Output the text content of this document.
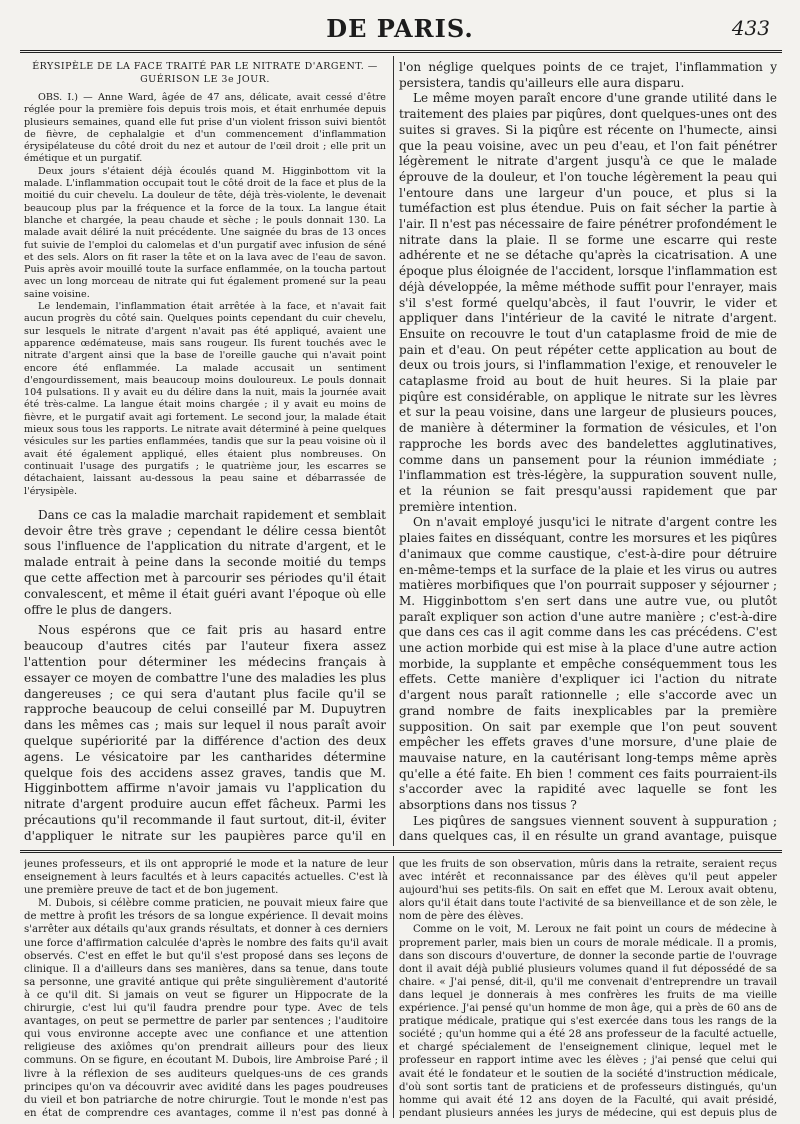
DE PARIS.	433
ÉRYSIPÈLE DE LA FACE TRAITÉ PAR LE NITRATE D'ARGENT. —
GUÉRISON LE 3e JOUR.

OBS. I.) — Anne Ward, âgée de 47 ans, délicate, avait cessé d'être réglée pour la première fois depuis trois mois, et était enrhumée depuis plusieurs semaines, quand elle fut prise d'un violent frisson suivi bientôt de fièvre, de cephalalgie et d'un commencement d'inflammation érysipélateuse du côté droit du nez et autour de l'œil droit ; elle prit un émétique et un purgatif.

Deux jours s'étaient déjà écoulés quand M. Higginbottom vit la malade. L'inflammation occupait tout le côté droit de la face et plus de la moitié du cuir chevelu. La douleur de tête, déjà très-violente, le devenait beaucoup plus par la fréquence et la force de la toux. La langue était blanche et chargée, la peau chaude et sèche ; le pouls donnait 130. La malade avait déliré la nuit précédente. Une saignée du bras de 13 onces fut suivie de l'emploi du calomelas et d'un purgatif avec infusion de séné et des sels. Alors on fit raser la tête et on la lava avec de l'eau de savon. Puis après avoir mouillé toute la surface enflammée, on la toucha partout avec un long morceau de nitrate qui fut également promené sur la peau saine voisine.

Le lendemain, l'inflammation était arrêtée à la face, et n'avait fait aucun progrès du côté sain. Quelques points cependant du cuir chevelu, sur lesquels le nitrate d'argent n'avait pas été appliqué, avaient une apparence œdémateuse, mais sans rougeur. Ils furent touchés avec le nitrate d'argent ainsi que la base de l'oreille gauche qui n'avait point encore été enflammée. La malade accusait un sentiment d'engourdissement, mais beaucoup moins douloureux. Le pouls donnait 104 pulsations. Il y avait eu du délire dans la nuit, mais la journée avait été très-calme. La langue était moins chargée ; il y avait eu moins de fièvre, et le purgatif avait agi fortement. Le second jour, la malade était mieux sous tous les rapports. Le nitrate avait déterminé à peine quelques vésicules sur les parties enflammées, tandis que sur la peau voisine où il avait été également appliqué, elles étaient plus nombreuses. On continuait l'usage des purgatifs ; le quatrième jour, les escarres se détachaient, laissant au-dessous la peau saine et débarrassée de l'érysipèle.

Dans ce cas la maladie marchait rapidement et semblait devoir être très grave ; cependant le délire cessa bientôt sous l'influence de l'application du nitrate d'argent, et le malade entrait à peine dans la seconde moitié du temps que cette affection met à parcourir ses périodes qu'il était convalescent, et même il était guéri avant l'époque où elle offre le plus de dangers.

Nous espérons que ce fait pris au hasard entre beaucoup d'autres cités par l'auteur fixera assez l'attention pour déterminer les médecins français à essayer ce moyen de combattre l'une des maladies les plus dangereuses ; ce qui sera d'autant plus facile qu'il se rapproche beaucoup de celui conseillé par M. Dupuytren dans les mêmes cas ; mais sur lequel il nous paraît avoir quelque supériorité par la différence d'action des deux agens. Le vésicatoire par les cantharides détermine quelque fois des accidens assez graves, tandis que M. Higginbottem affirme n'avoir jamais vu l'application du nitrate d'argent produire aucun effet fâcheux. Parmi les précautions qu'il recommande il faut surtout, dit-il, éviter d'appliquer le nitrate sur les paupières parce qu'il en

l'on néglige quelques points de ce trajet, l'inflammation y persistera, tandis qu'ailleurs elle aura disparu.

Le même moyen paraît encore d'une grande utilité dans le traitement des plaies par piqûres, dont quelques-unes ont des suites si graves. Si la piqûre est récente on l'humecte, ainsi que la peau voisine, avec un peu d'eau, et l'on fait pénétrer légèrement le nitrate d'argent jusqu'à ce que le malade éprouve de la douleur, et l'on touche légèrement la peau qui l'entoure dans une largeur d'un pouce, et plus si la tuméfaction est plus étendue. Puis on fait sécher la partie à l'air. Il n'est pas nécessaire de faire pénétrer profondément le nitrate dans la plaie. Il se forme une escarre qui reste adhérente et ne se détache qu'après la cicatrisation. A une époque plus éloignée de l'accident, lorsque l'inflammation est déjà développée, la même méthode suffit pour l'enrayer, mais s'il s'est formé quelqu'abcès, il faut l'ouvrir, le vider et appliquer dans l'intérieur de la cavité le nitrate d'argent. Ensuite on recouvre le tout d'un cataplasme froid de mie de pain et d'eau. On peut répéter cette application au bout de deux ou trois jours, si l'inflammation l'exige, et renouveler le cataplasme froid au bout de huit heures. Si la plaie par piqûre est considérable, on applique le nitrate sur les lèvres et sur la peau voisine, dans une largeur de plusieurs pouces, de manière à déterminer la formation de vésicules, et l'on rapproche les bords avec des bandelettes agglutinatives, comme dans un pansement pour la réunion immédiate ; l'inflammation est très-légère, la suppuration souvent nulle, et la réunion se fait presqu'aussi rapidement que par première intention.

On n'avait employé jusqu'ici le nitrate d'argent contre les plaies faites en disséquant, contre les morsures et les piqûres d'animaux que comme caustique, c'est-à-dire pour détruire en-même-temps et la surface de la plaie et les virus ou autres matières morbifiques que l'on pourrait supposer y séjourner ; M. Higginbottom s'en sert dans une autre vue, ou plutôt paraît expliquer son action d'une autre manière ; c'est-à-dire que dans ces cas il agit comme dans les cas précédens. C'est une action morbide qui est mise à la place d'une autre action morbide, la supplante et empêche conséquemment tous les effets. Cette manière d'expliquer ici l'action du nitrate d'argent nous paraît rationnelle ; elle s'accorde avec un grand nombre de faits inexplicables par la première supposition. On sait par exemple que l'on peut souvent empêcher les effets graves d'une morsure, d'une plaie de mauvaise nature, en la cautérisant long-temps même après qu'elle a été faite. Eh bien ! comment ces faits pourraient-ils s'accorder avec la rapidité avec laquelle se font les absorptions dans nos tissus ?

Les piqûres de sangsues viennent souvent à suppuration ; dans quelques cas, il en résulte un grand avantage, puisque

jeunes professeurs, et ils ont approprié le mode et la nature de leur enseignement à leurs facultés et à leurs capacités actuelles. C'est là une première preuve de tact et de bon jugement.

M. Dubois, si célèbre comme praticien, ne pouvait mieux faire que de mettre à profit les trésors de sa longue expérience. Il devait moins s'arrêter aux détails qu'aux grands résultats, et donner à ces derniers une force d'affirmation calculée d'après le nombre des faits qu'il avait observés. C'est en effet le but qu'il s'est proposé dans ses leçons de clinique. Il a d'ailleurs dans ses manières, dans sa tenue, dans toute sa personne, une gravité antique qui prête singulièrement d'autorité à ce qu'il dit. Si jamais on veut se figurer un Hippocrate de la chirurgie, c'est lui qu'il faudra prendre pour type. Avec de tels avantages, on peut se permettre de parler par sentences ; l'auditoire qui vous environne accepte avec une confiance et une attention religieuse des axiômes qu'on prendrait ailleurs pour des lieux communs. On se figure, en écoutant M. Dubois, lire Ambroise Paré ; il livre à la réflexion de ses auditeurs quelques-uns de ces grands principes qu'on va découvrir avec avidité dans les pages poudreuses du vieil et bon patriarche de notre chirurgie. Tout le monde n'est pas en état de comprendre ces avantages, comme il n'est pas donné à

que les fruits de son observation, mûris dans la retraite, seraient reçus avec intérêt et reconnaissance par des élèves qu'il peut appeler aujourd'hui ses petits-fils. On sait en effet que M. Leroux avait obtenu, alors qu'il était dans toute l'activité de sa bienveillance et de son zèle, le nom de père des élèves.

Comme on le voit, M. Leroux ne fait point un cours de médecine à proprement parler, mais bien un cours de morale médicale. Il a promis, dans son discours d'ouverture, de donner la seconde partie de l'ouvrage dont il avait déjà publié plusieurs volumes quand il fut dépossédé de sa chaire. « J'ai pensé, dit-il, qu'il me convenait d'entreprendre un travail dans lequel je donnerais à mes confrères les fruits de ma vieille expérience. J'ai pensé qu'un homme de mon âge, qui a près de 60 ans de pratique médicale, pratique qui s'est exercée dans tous les rangs de la société ; qu'un homme qui a été 28 ans professeur de la faculté actuelle, et chargé spécialement de l'enseignement clinique, lequel met le professeur en rapport intime avec les élèves ; j'ai pensé que celui qui avait été le fondateur et le soutien de la société d'instruction médicale, d'où sont sortis tant de praticiens et de professeurs distingués, qu'un homme qui avait été 12 ans doyen de la Faculté, qui avait présidé, pendant plusieurs années les jurys de médecine, qui est depuis plus de
